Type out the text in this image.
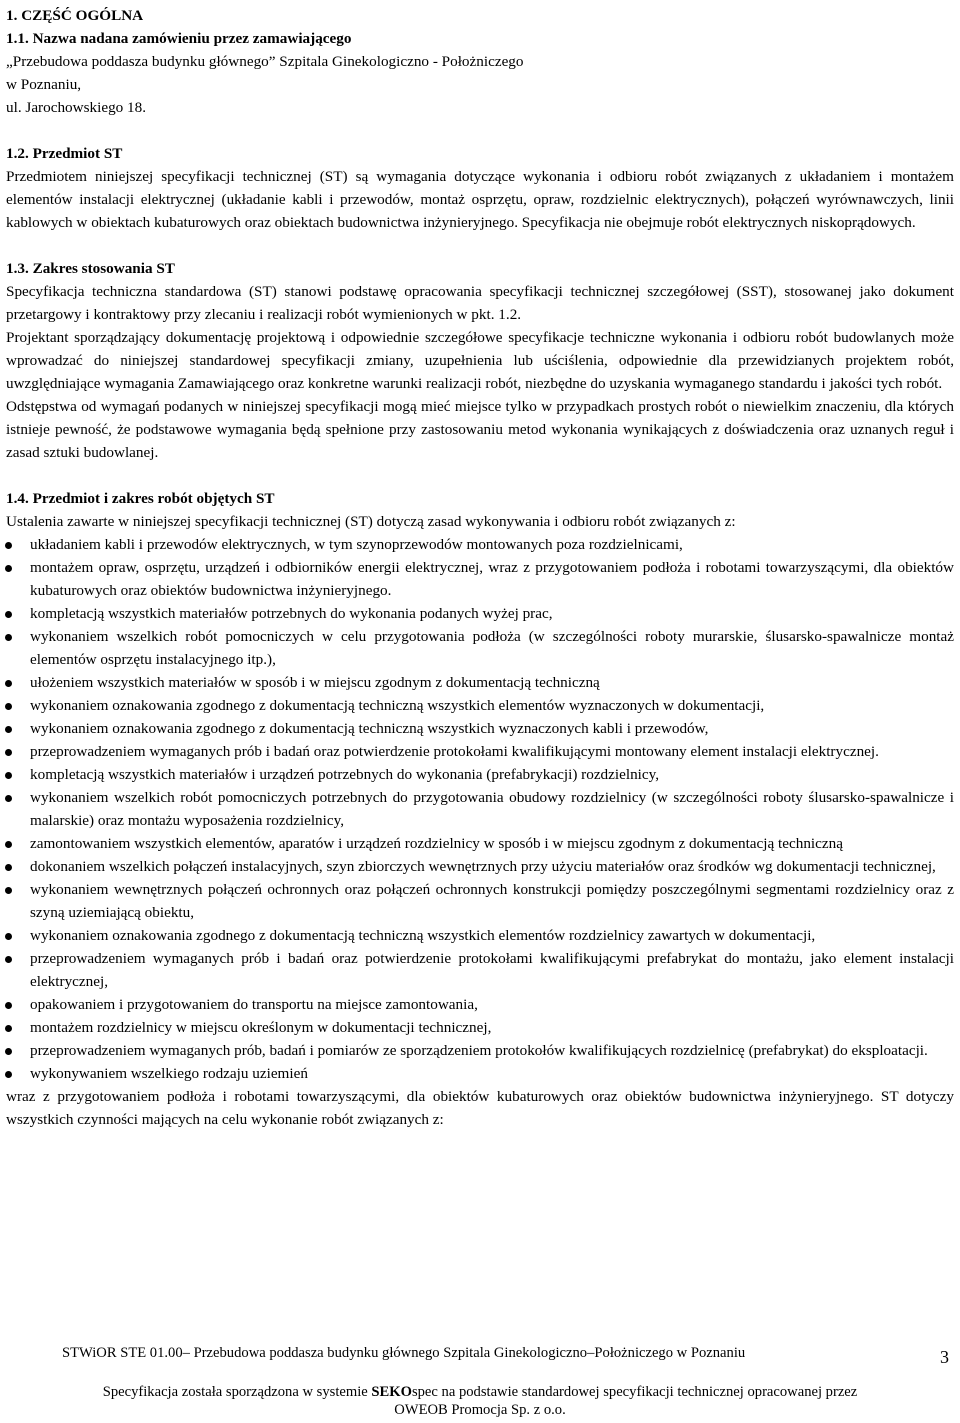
1. CZĘŚĆ OGÓLNA

1.1. Nazwa nadana zamówieniu przez zamawiającego

„Przebudowa poddasza budynku głównego” Szpitala Ginekologiczno - Położniczego

w Poznaniu,

ul. Jarochowskiego 18.

1.2. Przedmiot ST

Przedmiotem niniejszej specyfikacji technicznej (ST) są wymagania dotyczące wykonania i odbioru robót związanych z układaniem i montażem elementów instalacji elektrycznej (układanie kabli i przewodów, montaż osprzętu, opraw, rozdzielnic elektrycznych), połączeń wyrównawczych, linii kablowych w obiektach kubaturowych oraz obiektach budownictwa inżynieryjnego. Specyfikacja nie obejmuje robót elektrycznych niskoprądowych.

1.3. Zakres stosowania ST

Specyfikacja techniczna standardowa (ST) stanowi podstawę opracowania specyfikacji technicznej szczegółowej (SST), stosowanej jako dokument przetargowy i kontraktowy przy zlecaniu i realizacji robót wymienionych w pkt. 1.2.

Projektant sporządzający dokumentację projektową i odpowiednie szczegółowe specyfikacje techniczne wykonania i odbioru robót budowlanych może wprowadzać do niniejszej standardowej specyfikacji zmiany, uzupełnienia lub uściślenia, odpowiednie dla przewidzianych projektem robót, uwzględniające wymagania Zamawiającego oraz konkretne warunki realizacji robót, niezbędne do uzyskania wymaganego standardu i jakości tych robót.

Odstępstwa od wymagań podanych w niniejszej specyfikacji mogą mieć miejsce tylko w przypadkach prostych robót o niewielkim znaczeniu, dla których istnieje pewność, że podstawowe wymagania będą spełnione przy zastosowaniu metod wykonania wynikających z doświadczenia oraz uznanych reguł i zasad sztuki budowlanej.

1.4. Przedmiot i zakres robót objętych ST

Ustalenia zawarte w niniejszej specyfikacji technicznej (ST) dotyczą zasad wykonywania i odbioru robót związanych z:

układaniem kabli i przewodów elektrycznych, w tym szynoprzewodów montowanych poza rozdzielnicami,
montażem opraw, osprzętu, urządzeń i odbiorników energii elektrycznej, wraz z przygotowaniem podłoża i robotami towarzyszącymi, dla obiektów kubaturowych oraz obiektów budownictwa inżynieryjnego.
kompletacją wszystkich materiałów potrzebnych do wykonania podanych wyżej prac,
wykonaniem wszelkich robót pomocniczych w celu przygotowania podłoża (w szczególności roboty murarskie, ślusarsko-spawalnicze montaż elementów osprzętu instalacyjnego itp.),
ułożeniem wszystkich materiałów w sposób i w miejscu zgodnym z dokumentacją techniczną
wykonaniem oznakowania zgodnego z dokumentacją techniczną wszystkich elementów wyznaczonych w dokumentacji,
wykonaniem oznakowania zgodnego z dokumentacją techniczną wszystkich wyznaczonych kabli i przewodów,
przeprowadzeniem wymaganych prób i badań oraz potwierdzenie protokołami kwalifikującymi montowany element instalacji elektrycznej.
kompletacją wszystkich materiałów i urządzeń potrzebnych do wykonania (prefabrykacji) rozdzielnicy,
wykonaniem wszelkich robót pomocniczych potrzebnych do przygotowania obudowy rozdzielnicy (w szczególności roboty ślusarsko-spawalnicze i malarskie) oraz montażu wyposażenia rozdzielnicy,
zamontowaniem wszystkich elementów, aparatów i urządzeń rozdzielnicy w sposób i w miejscu zgodnym z dokumentacją techniczną
dokonaniem wszelkich połączeń instalacyjnych, szyn zbiorczych wewnętrznych przy użyciu materiałów oraz środków wg dokumentacji technicznej,
wykonaniem wewnętrznych połączeń ochronnych oraz połączeń ochronnych konstrukcji pomiędzy poszczególnymi segmentami rozdzielnicy oraz z szyną uziemiającą obiektu,
wykonaniem oznakowania zgodnego z dokumentacją techniczną wszystkich elementów rozdzielnicy zawartych w dokumentacji,
przeprowadzeniem wymaganych prób i badań oraz potwierdzenie protokołami kwalifikującymi prefabrykat do montażu, jako element instalacji elektrycznej,
opakowaniem i przygotowaniem do transportu na miejsce zamontowania,
montażem rozdzielnicy w miejscu określonym w dokumentacji technicznej,
przeprowadzeniem wymaganych prób, badań i pomiarów ze sporządzeniem protokołów kwalifikujących rozdzielnicę (prefabrykat) do eksploatacji.
wykonywaniem wszelkiego rodzaju uziemień

wraz z przygotowaniem podłoża i robotami towarzyszącymi, dla obiektów kubaturowych oraz obiektów budownictwa inżynieryjnego. ST dotyczy wszystkich czynności mających na celu wykonanie robót związanych z:

STWiOR STE 01.00– Przebudowa poddasza budynku głównego Szpitala Ginekologiczno–Położniczego w Poznaniu	3
Specyfikacja została sporządzona w systemie SEKOspec na podstawie standardowej specyfikacji technicznej opracowanej przez
OWEOB Promocja Sp. z o.o.
